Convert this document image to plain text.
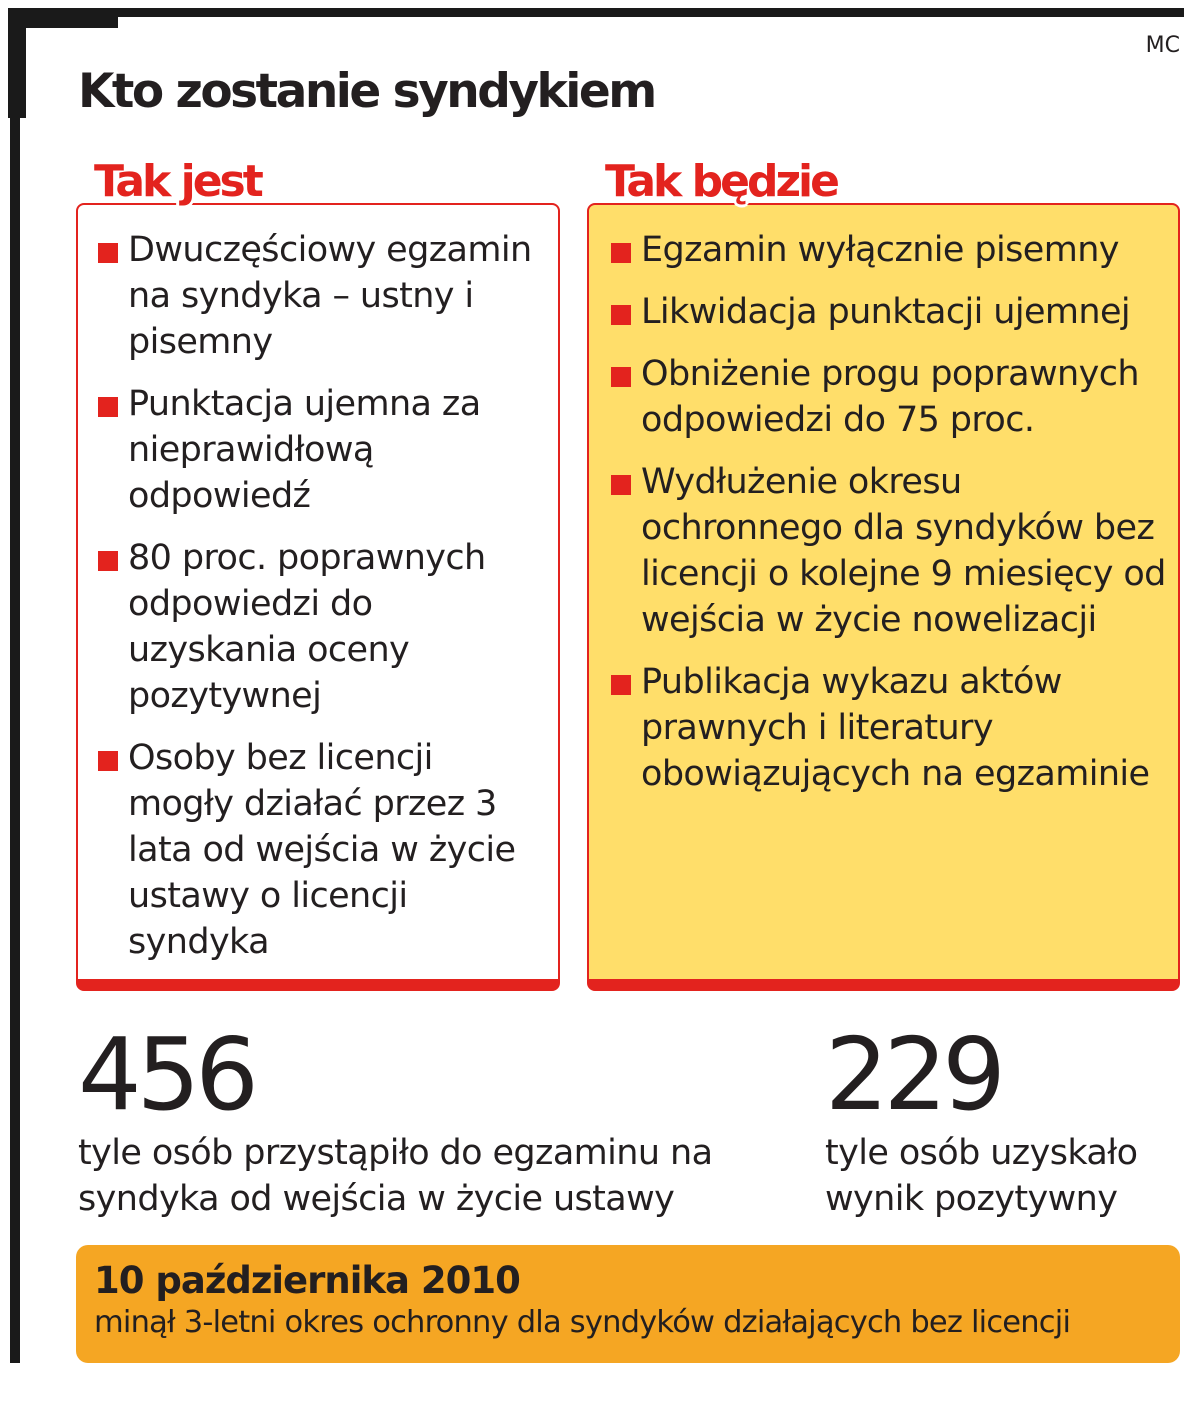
MC
Kto zostanie syndykiem
Dwuczęściowy egzamin na syndyka – ustny i pisemny
Punktacja ujemna za nieprawidłową odpowiedź
80 proc. poprawnych odpowiedzi do uzyskania oceny pozytywnej
Osoby bez licencji mogły działać przez 3 lata od wejścia w życie ustawy o licencji syndyka
Tak jest
Egzamin wyłącznie pisemny
Likwidacja punktacji ujemnej
Obniżenie progu poprawnych odpowiedzi do 75 proc.
Wydłużenie okresu ochronnego dla syndyków bez licencji o kolejne 9 miesięcy od wejścia w życie nowelizacji
Publikacja wykazu aktów prawnych i literatury obowiązujących na egzaminie
Tak będzie
456
tyle osób przystąpiło do egzaminu na syndyka od wejścia w życie ustawy
229
tyle osób uzyskało wynik pozytywny
10 października 2010
minął 3-letni okres ochronny dla syndyków działających bez licencji
